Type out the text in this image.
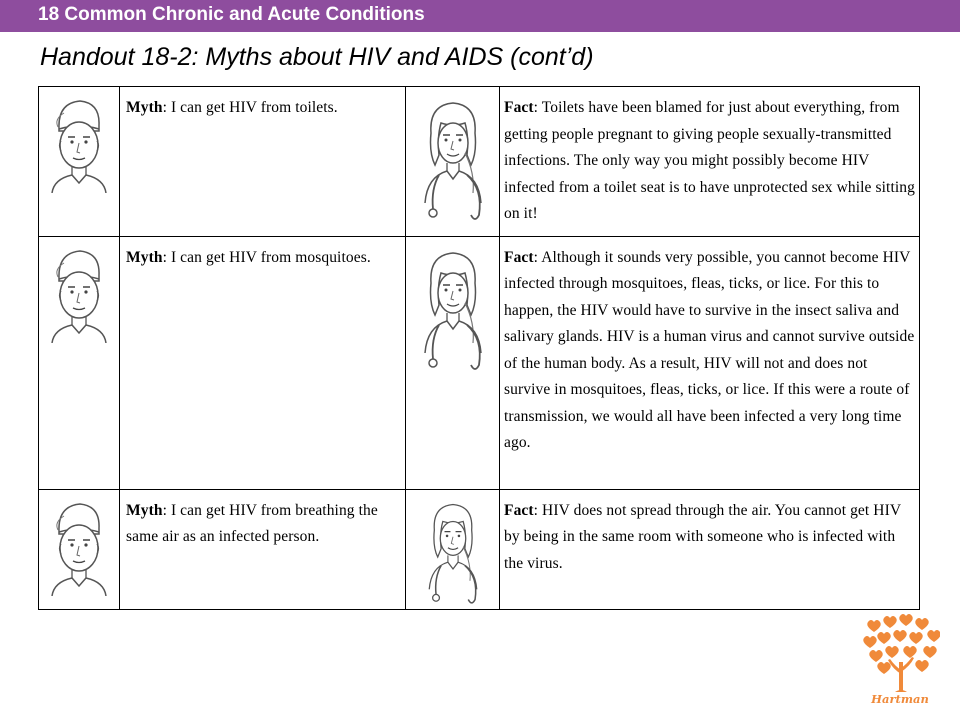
18 Common Chronic and Acute Conditions
Handout 18-2: Myths about HIV and AIDS (cont’d)

Myth: I can get HIV from toilets.		Fact: Toilets have been blamed for just about everything, from getting people pregnant to giving people sexually-transmitted infections. The only way you might possibly become HIV infected from a toilet seat is to have unprotected sex while sitting on it!

Myth: I can get HIV from mosquitoes.		Fact: Although it sounds very possible, you cannot become HIV infected through mosquitoes, fleas, ticks, or lice. For this to happen, the HIV would have to survive in the insect saliva and salivary glands. HIV is a human virus and cannot survive outside of the human body. As a result, HIV will not and does not survive in mosquitoes, fleas, ticks, or lice. If this were a route of transmission, we would all have been infected a very long time ago.

Myth: I can get HIV from breathing the same air as an infected person.		Fact: HIV does not spread through the air. You cannot get HIV by being in the same room with someone who is infected with the virus.
Hartman
